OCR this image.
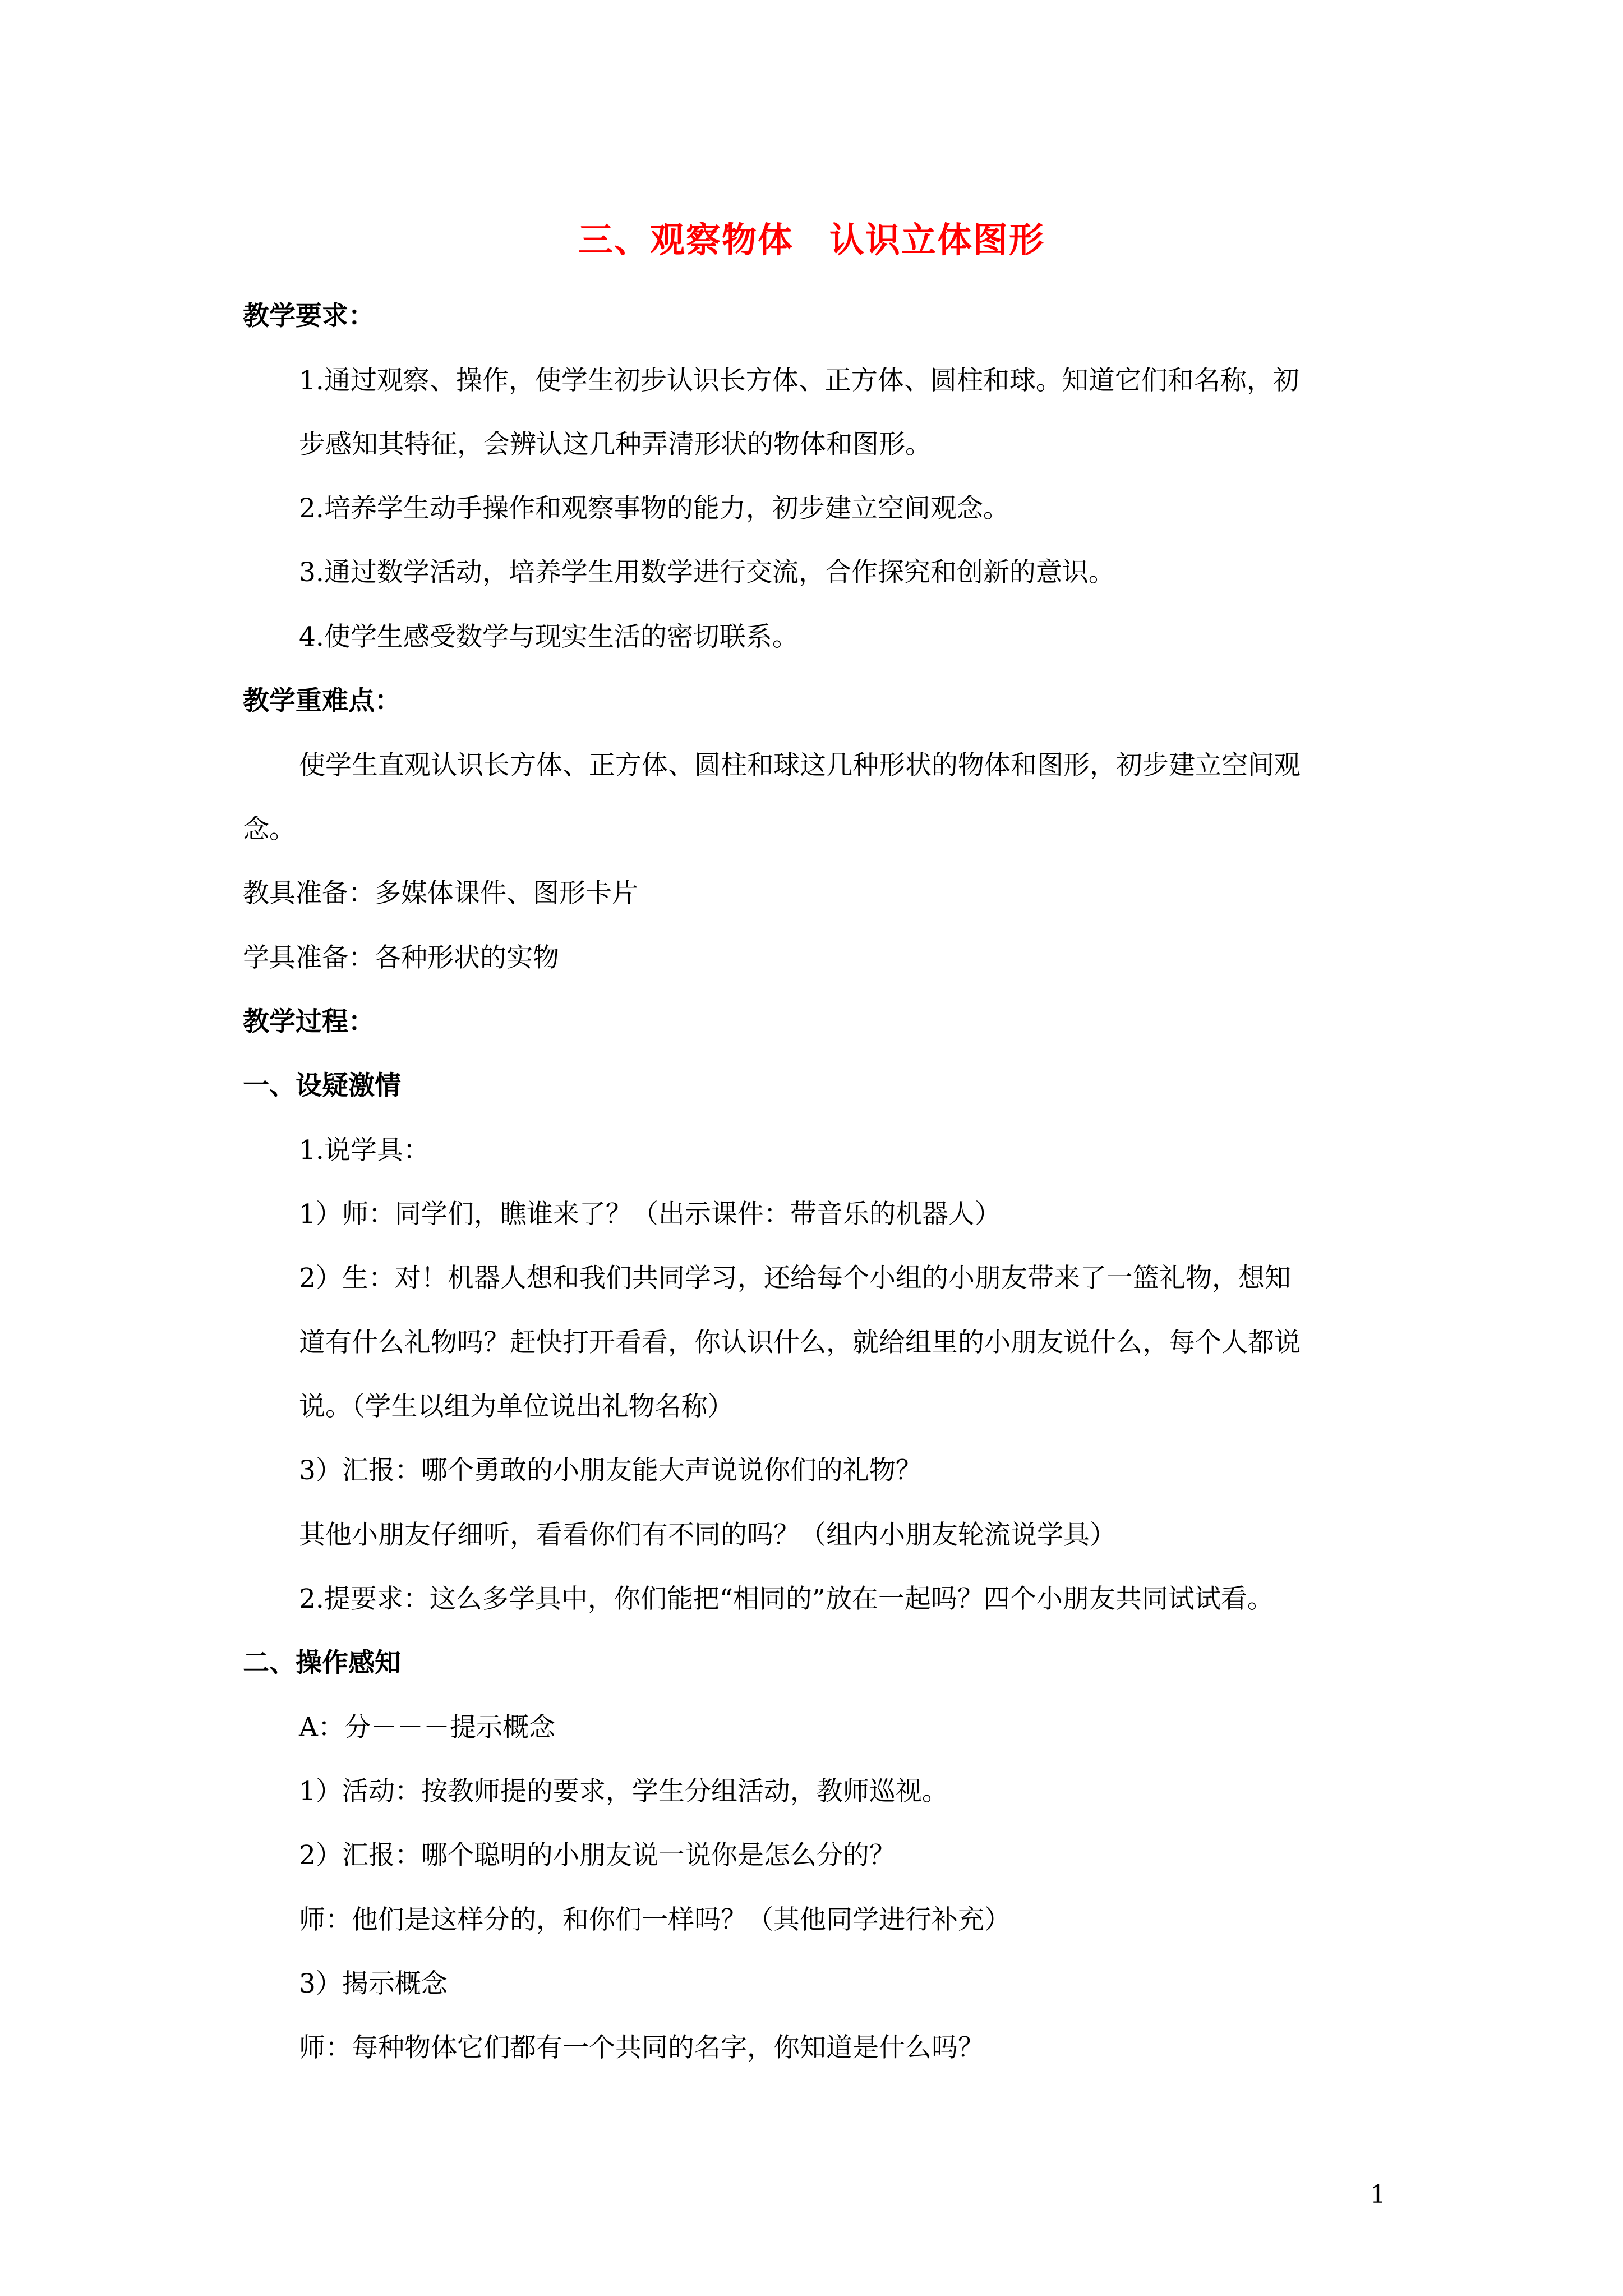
三、观察物体　认识立体图形
教学要求：
1.通过观察、操作，使学生初步认识长方体、正方体、圆柱和球。知道它们和名称，初
步感知其特征，会辨认这几种弄清形状的物体和图形。
2.培养学生动手操作和观察事物的能力，初步建立空间观念。
3.通过数学活动，培养学生用数学进行交流，合作探究和创新的意识。
4.使学生感受数学与现实生活的密切联系。
教学重难点：
使学生直观认识长方体、正方体、圆柱和球这几种形状的物体和图形，初步建立空间观
念。
教具准备：多媒体课件、图形卡片
学具准备：各种形状的实物
教学过程：
一、设疑激情
1.说学具：
1）师：同学们，瞧谁来了？（出示课件：带音乐的机器人）
2）生：对！机器人想和我们共同学习，还给每个小组的小朋友带来了一篮礼物，想知
道有什么礼物吗？赶快打开看看，你认识什么，就给组里的小朋友说什么，每个人都说
说。（学生以组为单位说出礼物名称）
3）汇报：哪个勇敢的小朋友能大声说说你们的礼物？
其他小朋友仔细听，看看你们有不同的吗？（组内小朋友轮流说学具）
2.提要求：这么多学具中，你们能把“相同的”放在一起吗？四个小朋友共同试试看。
二、操作感知
A：分－－－提示概念
1）活动：按教师提的要求，学生分组活动，教师巡视。
2）汇报：哪个聪明的小朋友说一说你是怎么分的？
师：他们是这样分的，和你们一样吗？（其他同学进行补充）
3）揭示概念
师：每种物体它们都有一个共同的名字，你知道是什么吗？
1
